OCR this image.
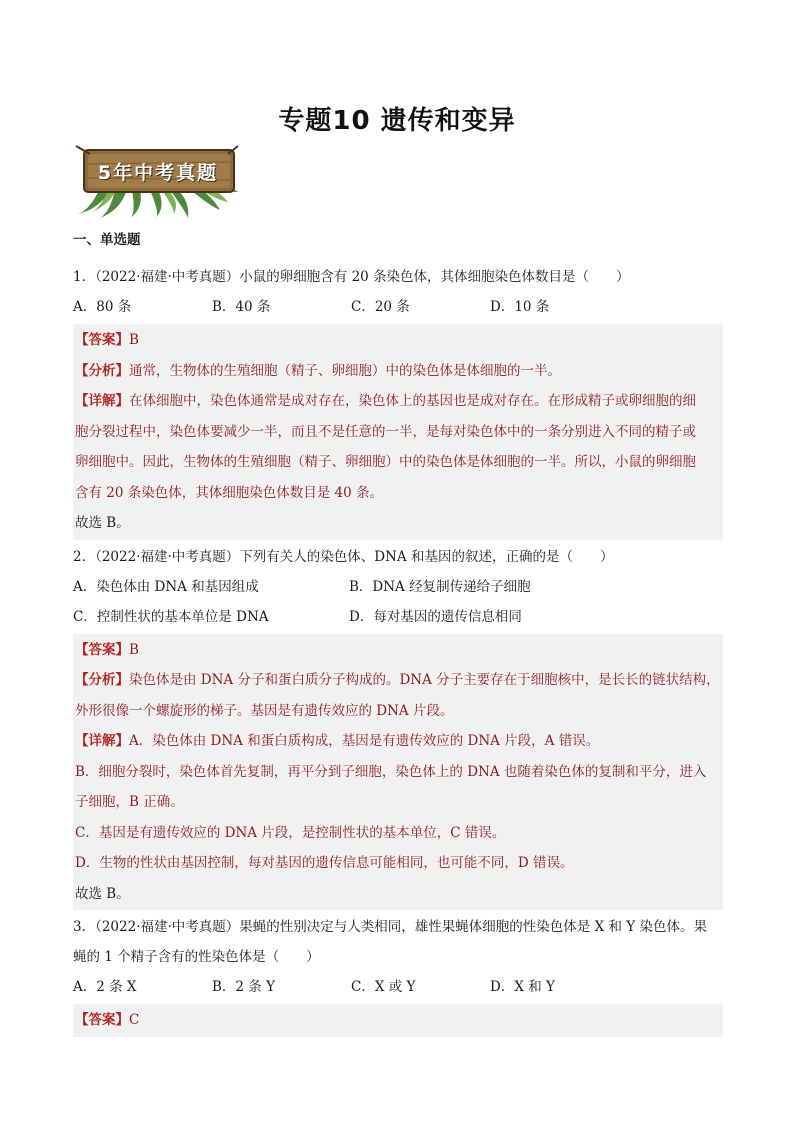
专题10 遗传和变异
5年中考真题
一、单选题
1．（2022·福建·中考真题）小鼠的卵细胞含有 20 条染色体，其体细胞染色体数目是（　　）
A．80 条	B．40 条	C．20 条	D．10 条
【答案】B
【分析】通常，生物体的生殖细胞（精子、卵细胞）中的染色体是体细胞的一半。
【详解】在体细胞中，染色体通常是成对存在，染色体上的基因也是成对存在。在形成精子或卵细胞的细
胞分裂过程中，染色体要减少一半，而且不是任意的一半，是每对染色体中的一条分别进入不同的精子或
卵细胞中。因此，生物体的生殖细胞（精子、卵细胞）中的染色体是体细胞的一半。所以，小鼠的卵细胞
含有 20 条染色体，其体细胞染色体数目是 40 条。
故选 B。
2．（2022·福建·中考真题）下列有关人的染色体、DNA 和基因的叙述，正确的是（　　）
A．染色体由 DNA 和基因组成	B．DNA 经复制传递给子细胞
C．控制性状的基本单位是 DNA	D．每对基因的遗传信息相同
【答案】B
【分析】染色体是由 DNA 分子和蛋白质分子构成的。DNA 分子主要存在于细胞核中，是长长的链状结构，
外形很像一个螺旋形的梯子。基因是有遗传效应的 DNA 片段。
【详解】A．染色体由 DNA 和蛋白质构成，基因是有遗传效应的 DNA 片段，A 错误。
B．细胞分裂时，染色体首先复制，再平分到子细胞，染色体上的 DNA 也随着染色体的复制和平分，进入
子细胞，B 正确。
C．基因是有遗传效应的 DNA 片段，是控制性状的基本单位，C 错误。
D．生物的性状由基因控制，每对基因的遗传信息可能相同，也可能不同，D 错误。
故选 B。
3．（2022·福建·中考真题）果蝇的性别决定与人类相同，雄性果蝇体细胞的性染色体是 X 和 Y 染色体。果
蝇的 1 个精子含有的性染色体是（　　）
A．2 条 X	B．2 条 Y	C．X 或 Y	D．X 和 Y
【答案】C
